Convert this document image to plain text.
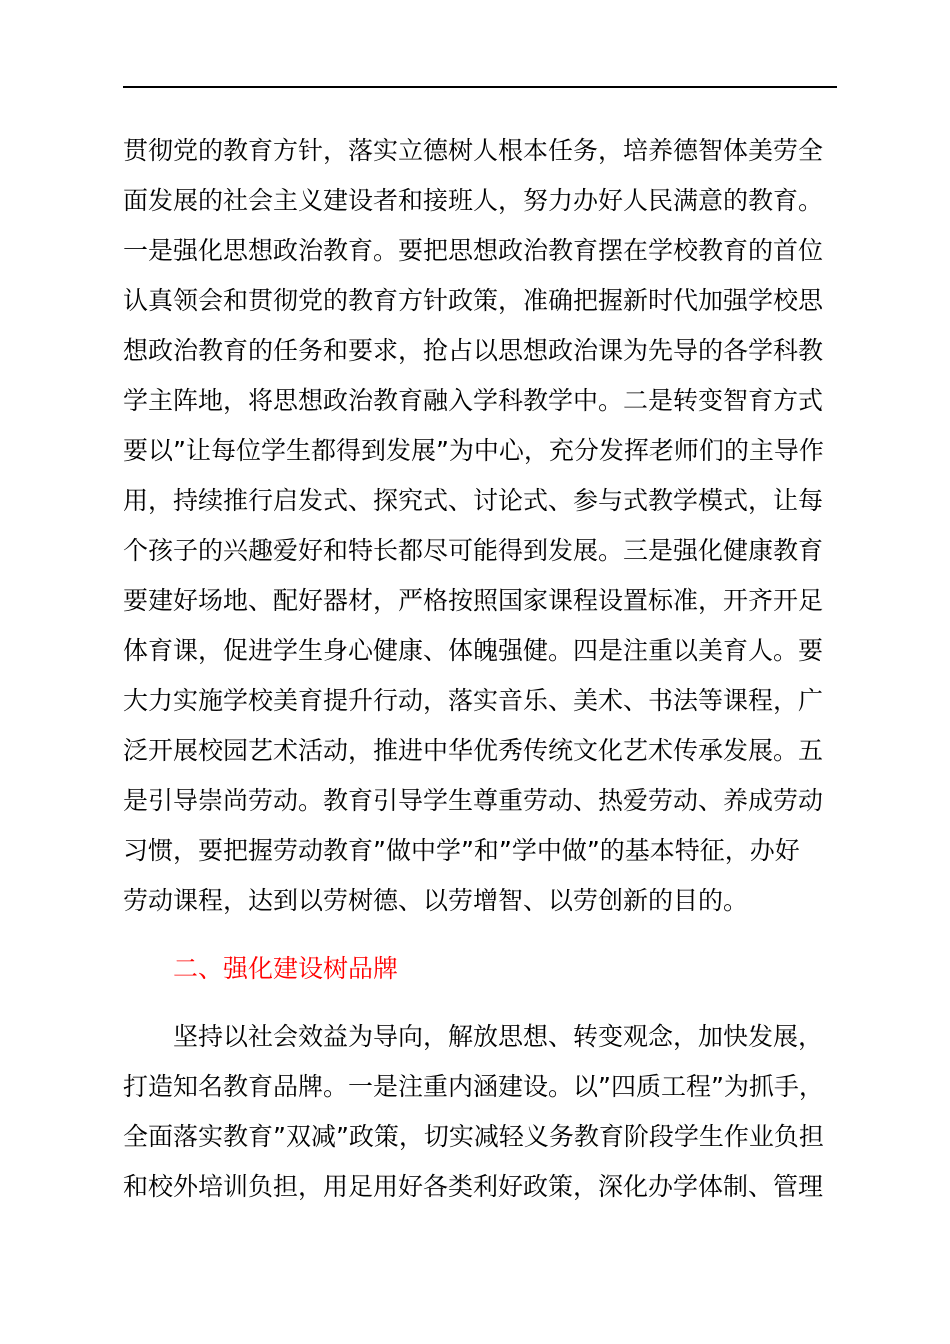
贯彻党的教育方针，落实立德树人根本任务，培养德智体美劳全
面发展的社会主义建设者和接班人，努力办好人民满意的教育。
一是强化思想政治教育。要把思想政治教育摆在学校教育的首位
认真领会和贯彻党的教育方针政策，准确把握新时代加强学校思
想政治教育的任务和要求，抢占以思想政治课为先导的各学科教
学主阵地，将思想政治教育融入学科教学中。二是转变智育方式
要以”让每位学生都得到发展”为中心，充分发挥老师们的主导作
用，持续推行启发式、探究式、讨论式、参与式教学模式，让每
个孩子的兴趣爱好和特长都尽可能得到发展。三是强化健康教育
要建好场地、配好器材，严格按照国家课程设置标准，开齐开足
体育课，促进学生身心健康、体魄强健。四是注重以美育人。要
大力实施学校美育提升行动，落实音乐、美术、书法等课程，广
泛开展校园艺术活动，推进中华优秀传统文化艺术传承发展。五
是引导崇尚劳动。教育引导学生尊重劳动、热爱劳动、养成劳动
习惯，要把握劳动教育”做中学”和”学中做”的基本特征，办好
劳动课程，达到以劳树德、以劳增智、以劳创新的目的。
二、强化建设树品牌
坚持以社会效益为导向，解放思想、转变观念，加快发展，
打造知名教育品牌。一是注重内涵建设。以”四质工程”为抓手，
全面落实教育”双减”政策，切实减轻义务教育阶段学生作业负担
和校外培训负担，用足用好各类利好政策，深化办学体制、管理
